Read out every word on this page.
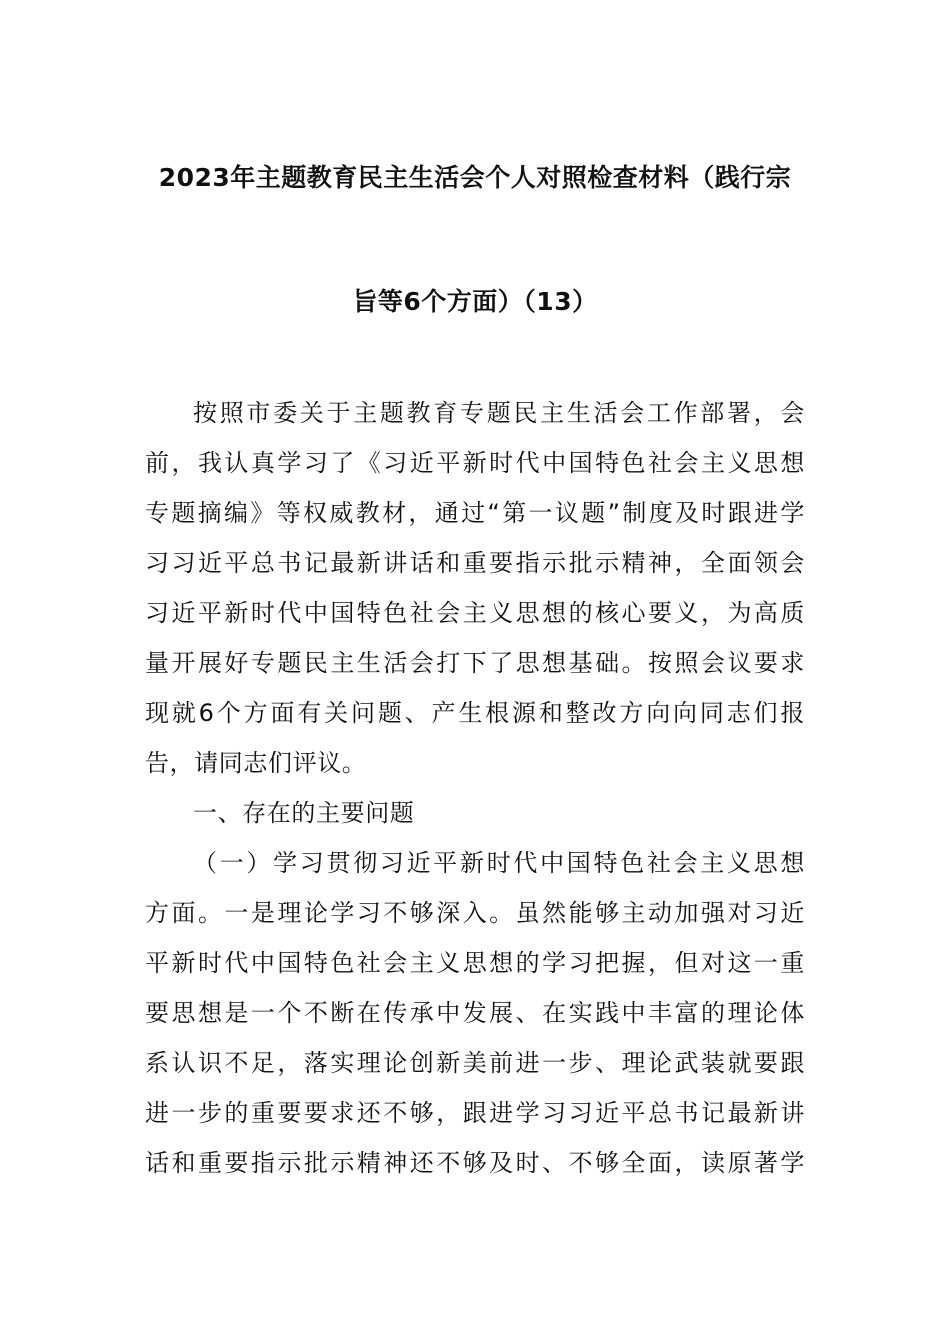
2023年主题教育民主生活会个人对照检查材料（践行宗
旨等6个方面）（13）
按照市委关于主题教育专题民主生活会工作部署，会
前，我认真学习了《习近平新时代中国特色社会主义思想
专题摘编》等权威教材，通过“第一议题”制度及时跟进学
习习近平总书记最新讲话和重要指示批示精神，全面领会
习近平新时代中国特色社会主义思想的核心要义，为高质
量开展好专题民主生活会打下了思想基础。按照会议要求
现就6个方面有关问题、产生根源和整改方向向同志们报
告，请同志们评议。
一、存在的主要问题
（一）学习贯彻习近平新时代中国特色社会主义思想
方面。一是理论学习不够深入。虽然能够主动加强对习近
平新时代中国特色社会主义思想的学习把握，但对这一重
要思想是一个不断在传承中发展、在实践中丰富的理论体
系认识不足，落实理论创新美前进一步、理论武装就要跟
进一步的重要要求还不够，跟进学习习近平总书记最新讲
话和重要指示批示精神还不够及时、不够全面，读原著学
